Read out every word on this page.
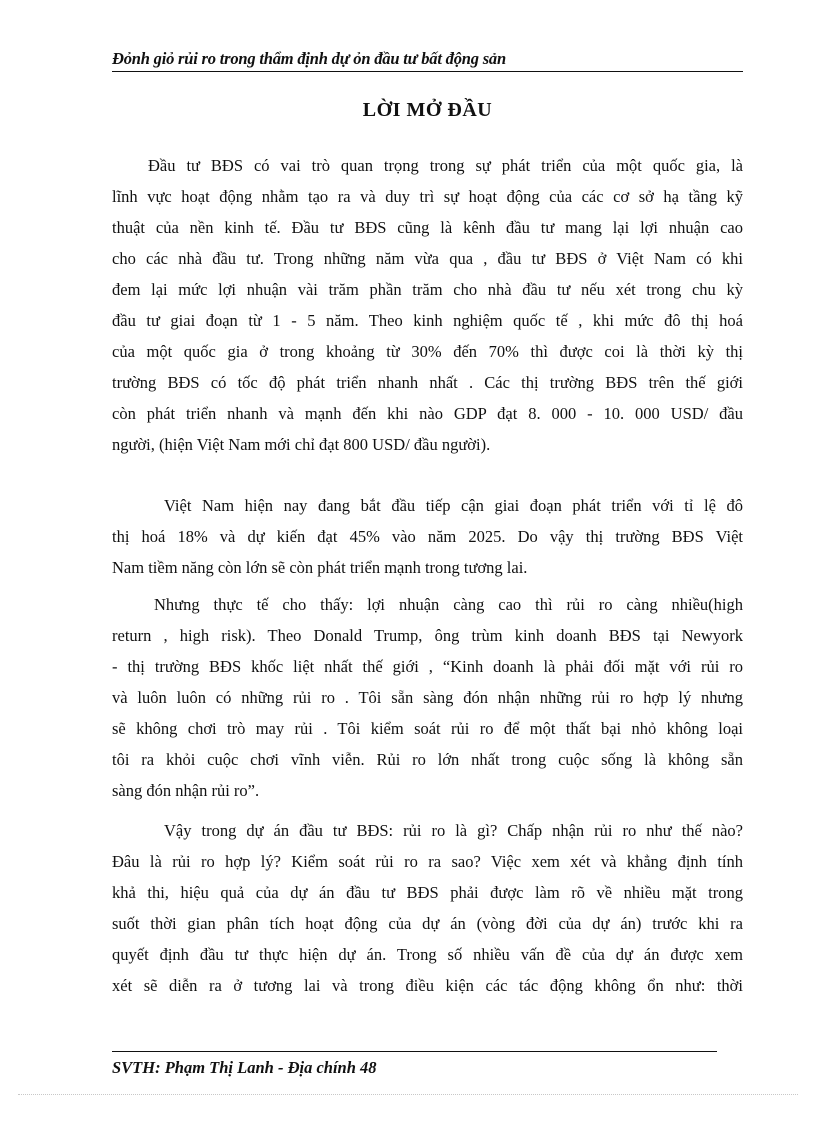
Đỏnh giỏ rủi ro trong thẩm định dự ỏn đầu tư bất động sản
LỜI MỞ ĐẦU

Đầu tư BĐS có vai trò quan trọng trong sự phát triển của một quốc gia, là
lĩnh vực hoạt động nhằm tạo ra và duy trì sự hoạt động của các cơ sở hạ tầng kỹ
thuật của nền kinh tế. Đầu tư BĐS cũng là kênh đầu tư mang lại lợi nhuận cao
cho các nhà đầu tư. Trong những năm vừa qua , đầu tư BĐS ở Việt Nam có khi
đem lại mức lợi nhuận vài trăm phần trăm cho nhà đầu tư nếu xét trong chu kỳ
đầu tư giai đoạn từ 1 - 5 năm. Theo kinh nghiệm quốc tế , khi mức đô thị hoá
của một quốc gia ở trong khoảng từ 30% đến 70% thì được coi là thời kỳ thị
trường BĐS có tốc độ phát triển nhanh nhất . Các thị trường BĐS trên thế giới
còn phát triển nhanh và mạnh đến khi nào GDP đạt 8. 000 - 10. 000 USD/ đầu
người, (hiện Việt Nam mới chỉ đạt 800 USD/ đầu người).

Việt Nam hiện nay đang bắt đầu tiếp cận giai đoạn phát triển với tỉ lệ đô
thị hoá 18% và dự kiến đạt 45% vào năm 2025. Do vậy thị trường BĐS Việt
Nam tiềm năng còn lớn sẽ còn phát triển mạnh trong tương lai.

Nhưng thực tế cho thấy: lợi nhuận càng cao thì rủi ro càng nhiều(high
return , high risk). Theo Donald Trump, ông trùm kinh doanh BĐS tại Newyork
- thị trường BĐS khốc liệt nhất thế giới , “Kinh doanh là phải đối mặt với rủi ro
và luôn luôn có những rủi ro . Tôi sẵn sàng đón nhận những rủi ro hợp lý nhưng
sẽ không chơi trò may rủi . Tôi kiểm soát rủi ro để một thất bại nhỏ không loại
tôi ra khỏi cuộc chơi vĩnh viễn. Rủi ro lớn nhất trong cuộc sống là không sẵn
sàng đón nhận rủi ro”.

Vậy trong dự án đầu tư BĐS: rủi ro là gì? Chấp nhận rủi ro như thế nào?
Đâu là rủi ro hợp lý? Kiểm soát rủi ro ra sao? Việc xem xét và khẳng định tính
khả thi, hiệu quả của dự án đầu tư BĐS phải được làm rõ về nhiều mặt trong
suốt thời gian phân tích hoạt động của dự án (vòng đời của dự án) trước khi ra
quyết định đầu tư thực hiện dự án. Trong số nhiều vấn đề của dự án được xem
xét sẽ diễn ra ở tương lai và trong điều kiện các tác động không ổn như: thời

SVTH: Phạm Thị Lanh - Địa chính 48
